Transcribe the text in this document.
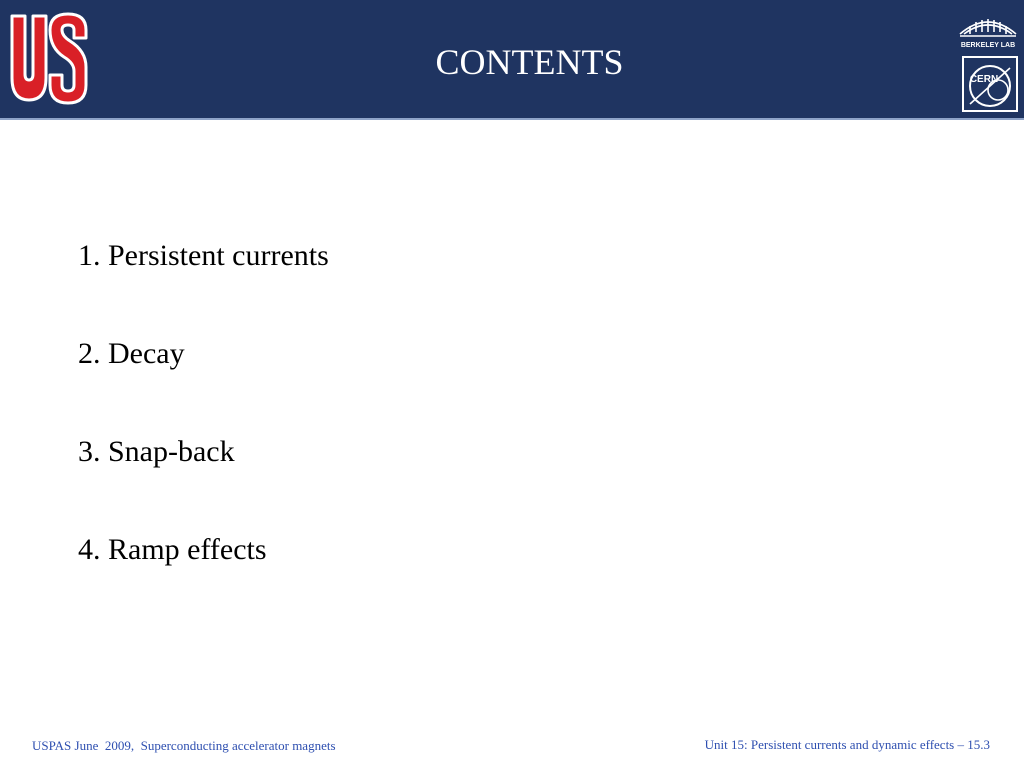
CONTENTS	BERKELEY LAB
CERN
1. Persistent currents
2. Decay
3. Snap-back
4. Ramp effects
USPAS June  2009,  Superconducting accelerator magnets	Unit 15: Persistent currents and dynamic effects – 15.3
